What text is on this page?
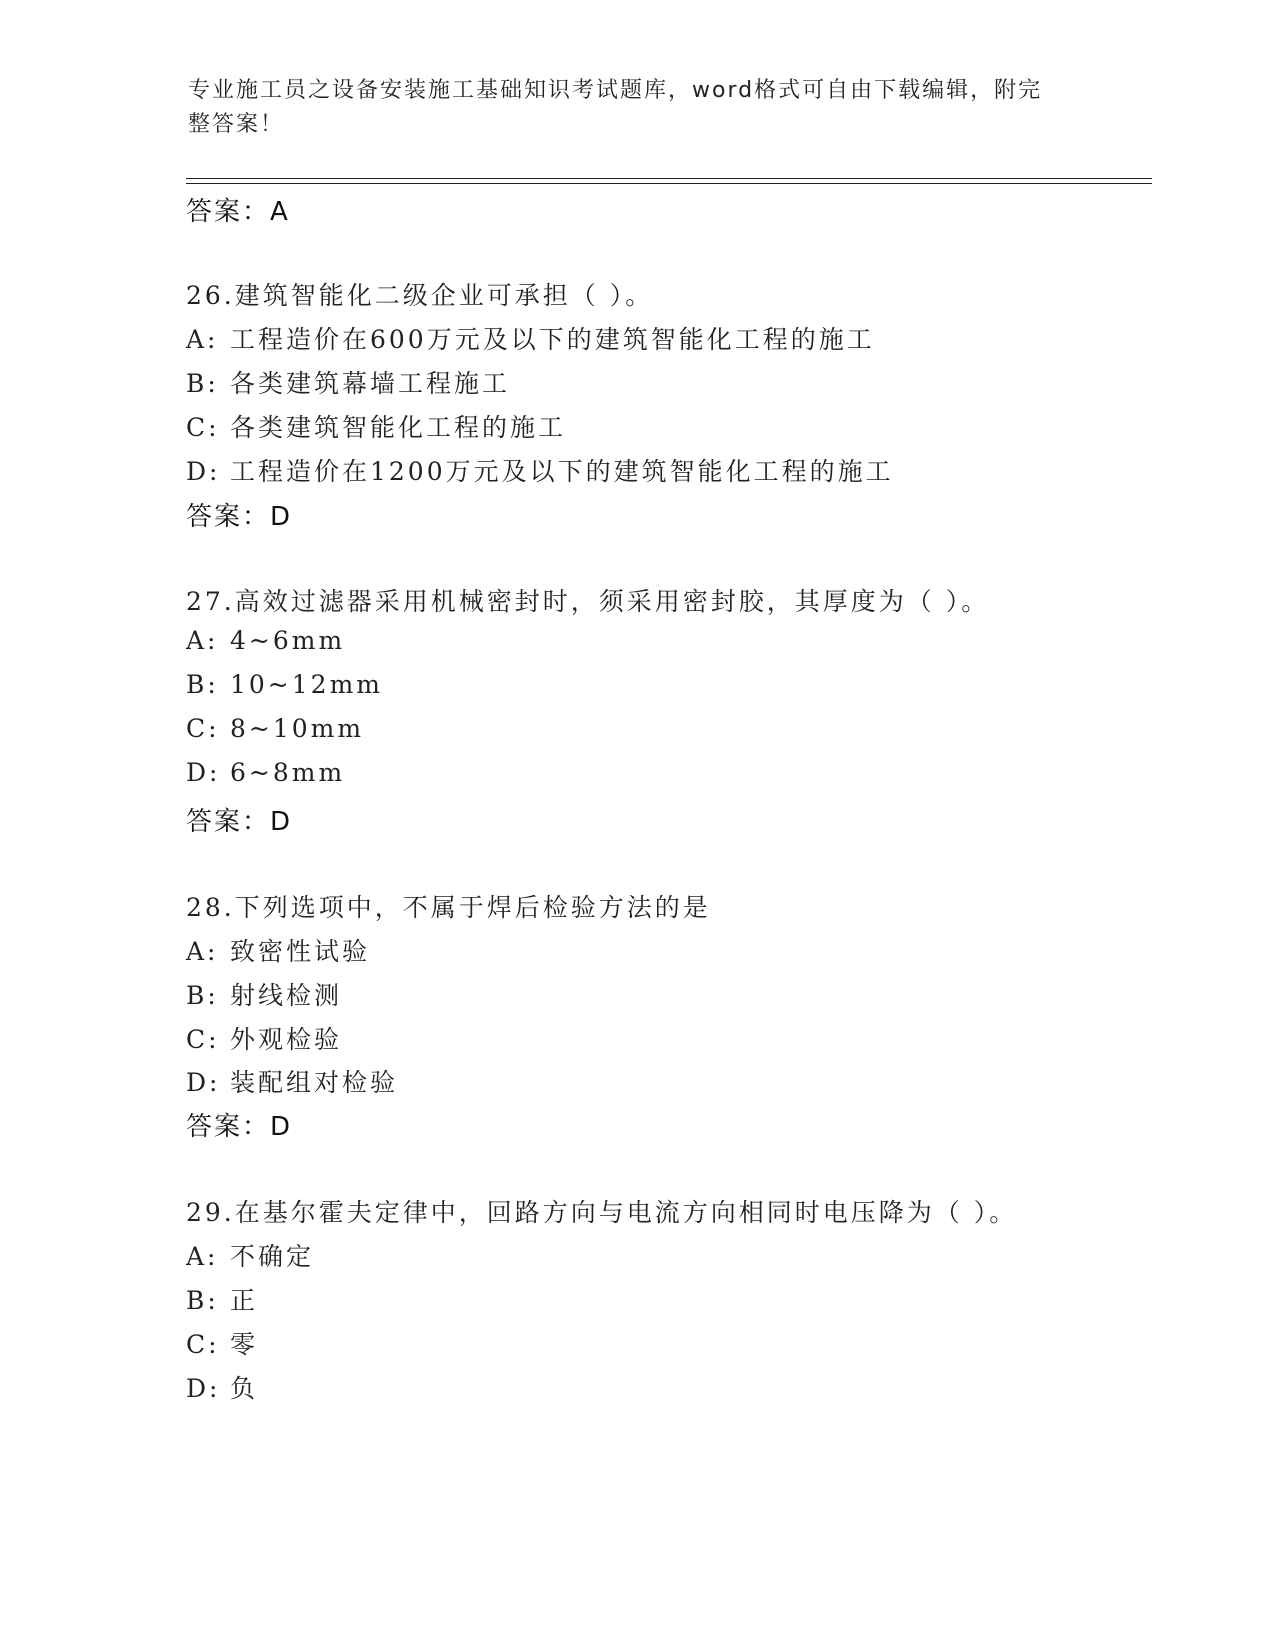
专业施工员之设备安装施工基础知识考试题库，word格式可自由下载编辑，附完
整答案！
答案：A
26.建筑智能化二级企业可承担（ ）。
A: 工程造价在600万元及以下的建筑智能化工程的施工
B: 各类建筑幕墙工程施工
C: 各类建筑智能化工程的施工
D: 工程造价在1200万元及以下的建筑智能化工程的施工
答案：D
27.高效过滤器采用机械密封时，须采用密封胶，其厚度为（ ）。
A: 4~6mm
B: 10~12mm
C: 8~10mm
D: 6~8mm
答案：D
28.下列选项中，不属于焊后检验方法的是
A: 致密性试验
B: 射线检测
C: 外观检验
D: 装配组对检验
答案：D
29.在基尔霍夫定律中，回路方向与电流方向相同时电压降为（ ）。
A: 不确定
B: 正
C: 零
D: 负
